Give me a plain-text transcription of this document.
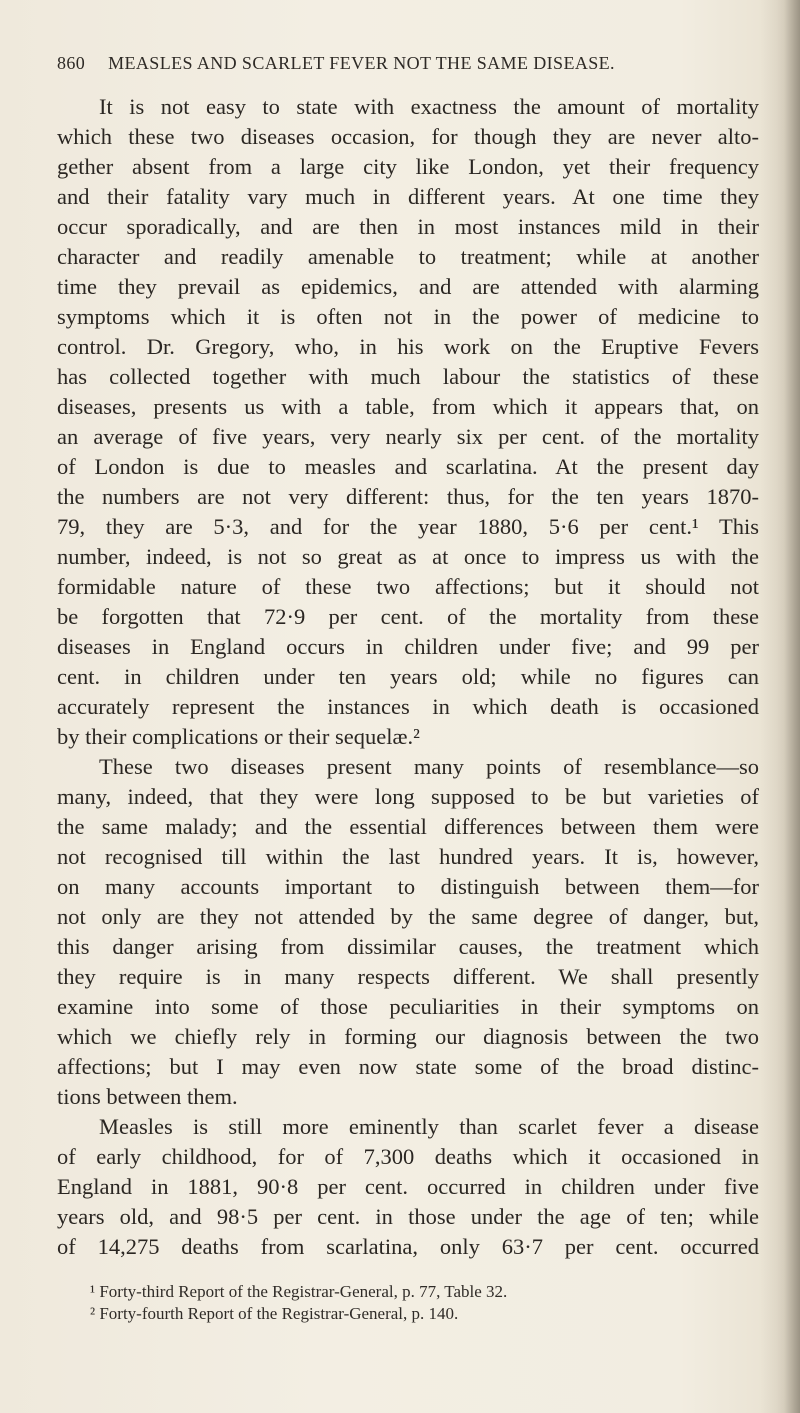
860 MEASLES AND SCARLET FEVER NOT THE SAME DISEASE.
It is not easy to state with exactness the amount of mortality
which these two diseases occasion, for though they are never alto-
gether absent from a large city like London, yet their frequency
and their fatality vary much in different years. At one time they
occur sporadically, and are then in most instances mild in their
character and readily amenable to treatment; while at another
time they prevail as epidemics, and are attended with alarming
symptoms which it is often not in the power of medicine to
control. Dr. Gregory, who, in his work on the Eruptive Fevers
has collected together with much labour the statistics of these
diseases, presents us with a table, from which it appears that, on
an average of five years, very nearly six per cent. of the mortality
of London is due to measles and scarlatina. At the present day
the numbers are not very different: thus, for the ten years 1870-
79, they are 5·3, and for the year 1880, 5·6 per cent.¹ This
number, indeed, is not so great as at once to impress us with the
formidable nature of these two affections; but it should not
be forgotten that 72·9 per cent. of the mortality from these
diseases in England occurs in children under five; and 99 per
cent. in children under ten years old; while no figures can
accurately represent the instances in which death is occasioned
by their complications or their sequelæ.²
These two diseases present many points of resemblance—so
many, indeed, that they were long supposed to be but varieties of
the same malady; and the essential differences between them were
not recognised till within the last hundred years. It is, however,
on many accounts important to distinguish between them—for
not only are they not attended by the same degree of danger, but,
this danger arising from dissimilar causes, the treatment which
they require is in many respects different. We shall presently
examine into some of those peculiarities in their symptoms on
which we chiefly rely in forming our diagnosis between the two
affections; but I may even now state some of the broad distinc-
tions between them.
Measles is still more eminently than scarlet fever a disease
of early childhood, for of 7,300 deaths which it occasioned in
England in 1881, 90·8 per cent. occurred in children under five
years old, and 98·5 per cent. in those under the age of ten; while
of 14,275 deaths from scarlatina, only 63·7 per cent. occurred
¹ Forty-third Report of the Registrar-General, p. 77, Table 32.
² Forty-fourth Report of the Registrar-General, p. 140.
